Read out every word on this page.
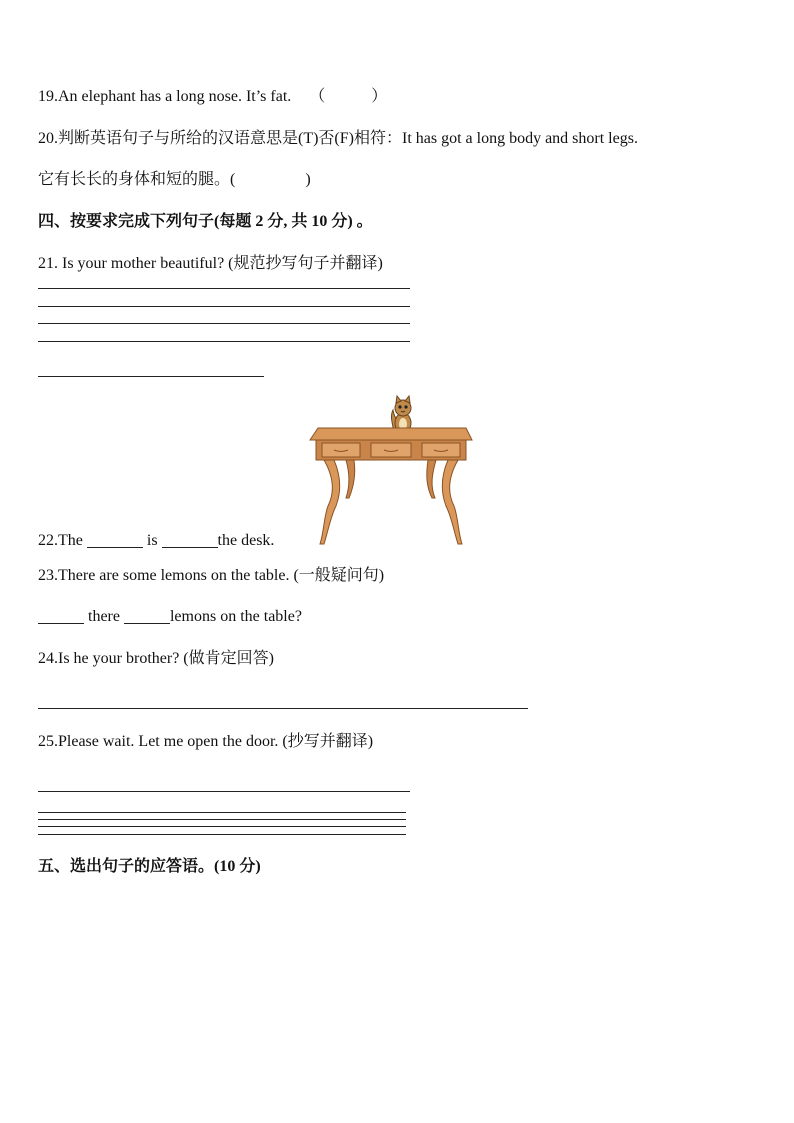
19.An elephant has a long nose. It’s fat. （	）
20.判断英语句子与所给的汉语意思是(T)否(F)相符：It has got a long body and short legs.
它有长长的身体和短的腿。(	)
四、按要求完成下列句子(每题 2 分, 共 10 分) 。
21. Is your mother beautiful? (规范抄写句子并翻译)
22.The	is	the desk.
23.There are some lemons on the table. (一般疑问句)
there	lemons on the table?
24.Is he your brother? (做肯定回答)
25.Please wait. Let me open the door. (抄写并翻译)
五、选出句子的应答语。(10 分)
